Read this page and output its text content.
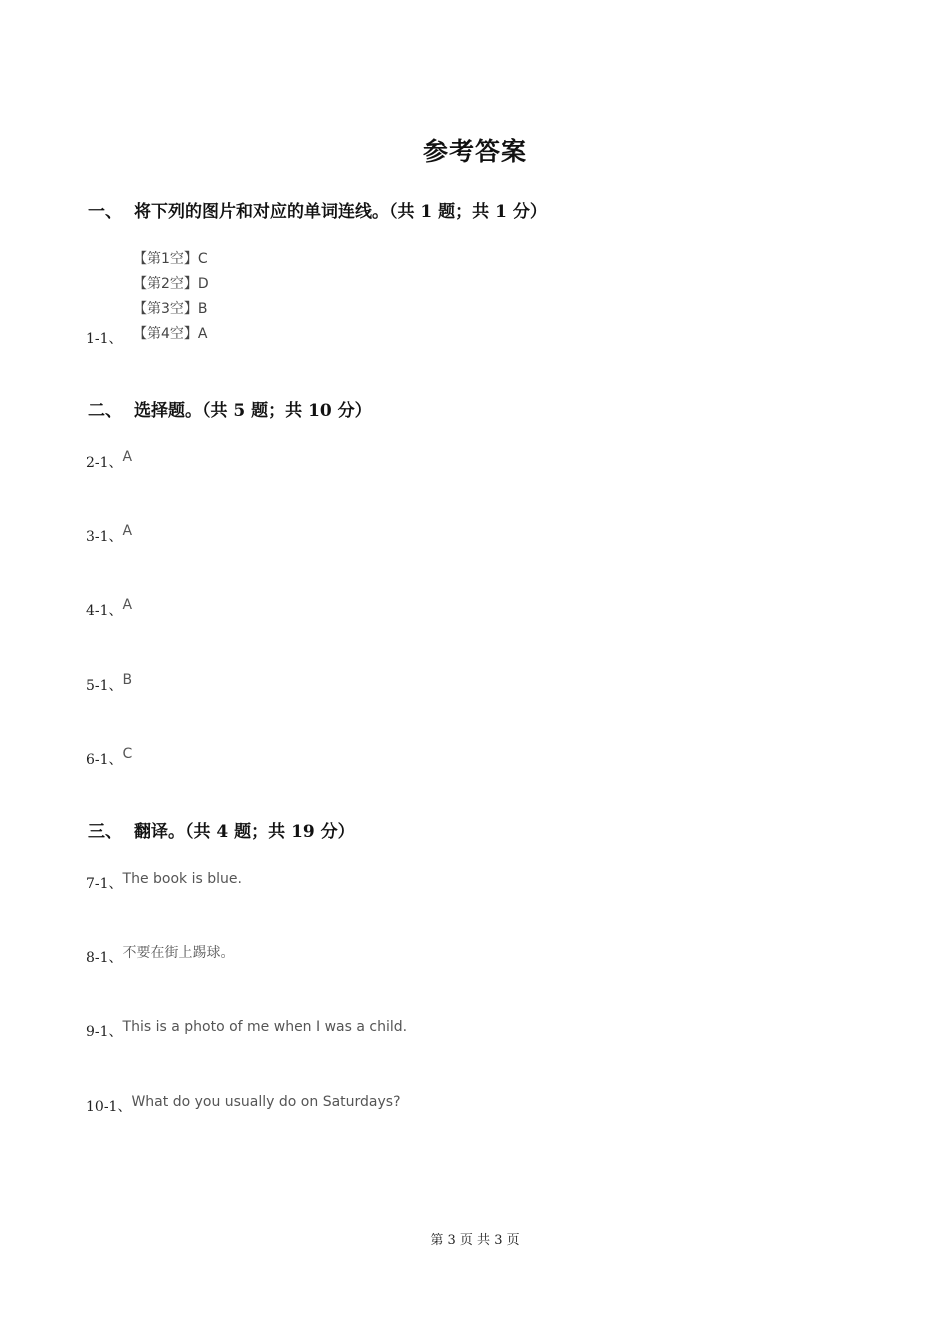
参考答案
一、 将下列的图片和对应的单词连线。（共 1 题；共 1 分）
【第1空】C
【第2空】D
【第3空】B
1-1、 【第4空】A
二、 选择题。（共 5 题；共 10 分）
2-1、A
3-1、A
4-1、A
5-1、B
6-1、C
三、 翻译。（共 4 题；共 19 分）
7-1、The book is blue.
8-1、不要在街上踢球。
9-1、This is a photo of me when I was a child.
10-1、What do you usually do on Saturdays?
第 3 页 共 3 页
